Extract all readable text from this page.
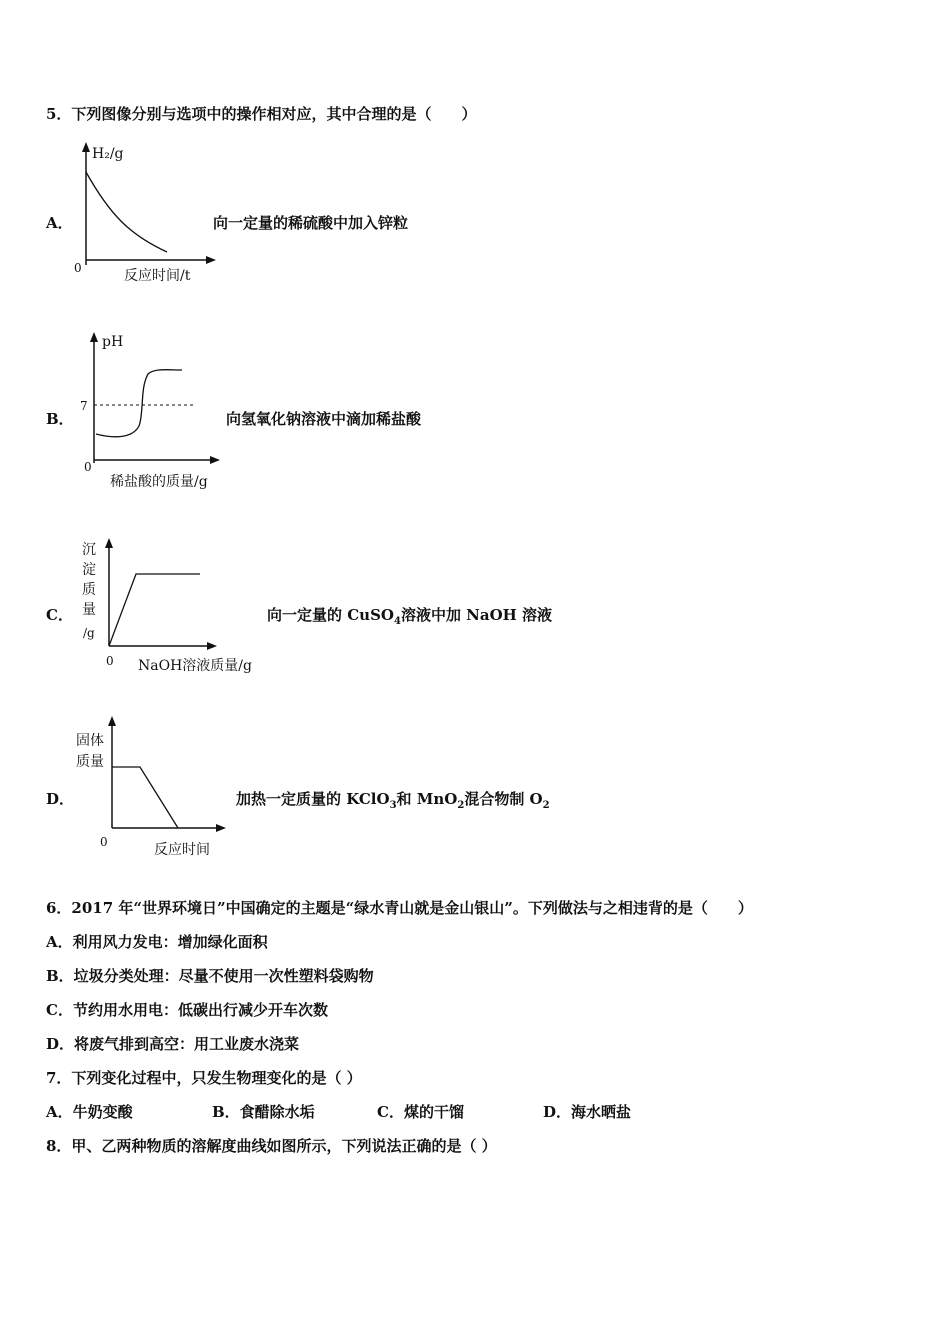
5．下列图像分别与选项中的操作相对应，其中合理的是（　　）
A．
H₂/g
0	反应时间/t
向一定量的稀硫酸中加入锌粒
B．
pH
7
0
稀盐酸的质量/g
向氢氧化钠溶液中滴加稀盐酸
C．
沉
淀
质
量
/g
0 NaOH溶液质量/g
向一定量的 CuSO$_4$溶液中加 NaOH 溶液
D．
固体
质量
0	反应时间
加热一定质量的 KClO$_3$和 MnO$_2$混合物制 $O_2$
6．2017 年“世界环境日”中国确定的主题是“绿水青山就是金山银山”。下列做法与之相违背的是（　　）
A．利用风力发电：增加绿化面积
B．垃圾分类处理：尽量不使用一次性塑料袋购物
C．节约用水用电：低碳出行减少开车次数
D．将废气排到高空：用工业废水浇菜
7．下列变化过程中，只发生物理变化的是（ ）
A．牛奶变酸	B．食醋除水垢	C．煤的干馏	D．海水晒盐
8．甲、乙两种物质的溶解度曲线如图所示，下列说法正确的是（ ）
